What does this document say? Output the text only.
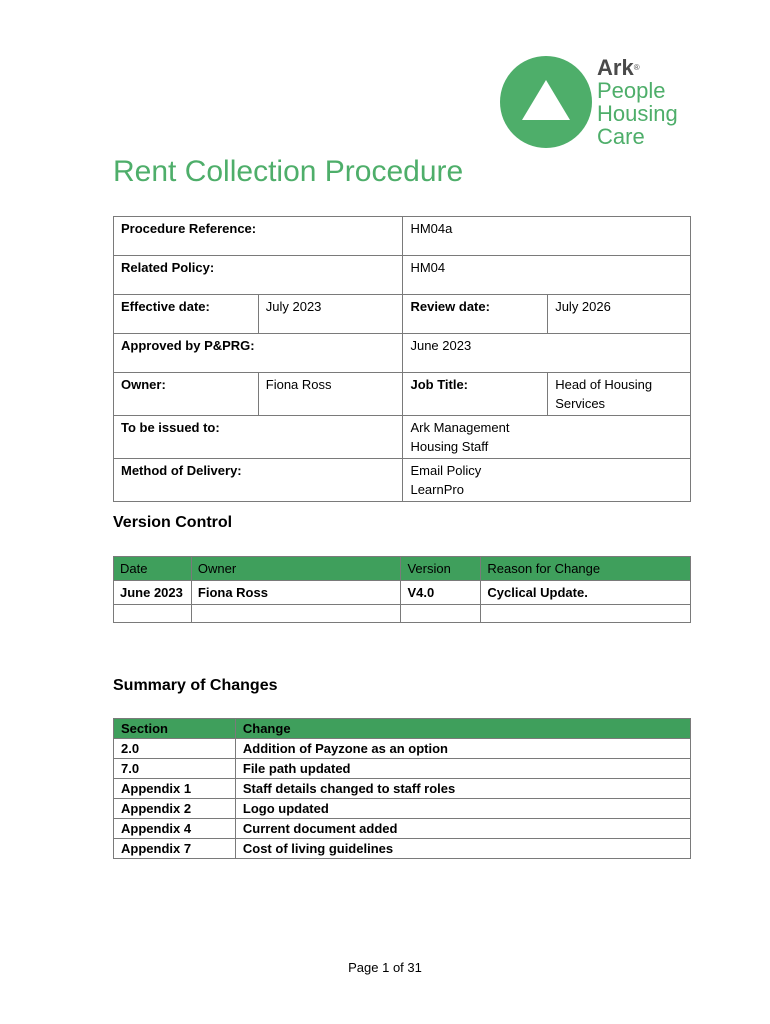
Ark®
People
Housing
Care
Rent Collection Procedure
Procedure Reference:		HM04a	
Related Policy:		HM04	
Effective date:	July 2023	Review date:	July 2026
Approved by P&PRG:		June 2023	
Owner:	Fiona Ross	Job Title:	Head of Housing Services
To be issued to:		Ark Management
Housing Staff	

Method of Delivery:		Email Policy
LearnPro	
Version Control
Date	Owner	Version	Reason for Change
June 2023	Fiona Ross	V4.0	Cyclical Update.

Summary of Changes
Section	Change
2.0	Addition of Payzone as an option
7.0	File path updated
Appendix 1	Staff details changed to staff roles
Appendix 2	Logo updated
Appendix 4	Current document added
Appendix 7	Cost of living guidelines
Page 1 of 31
